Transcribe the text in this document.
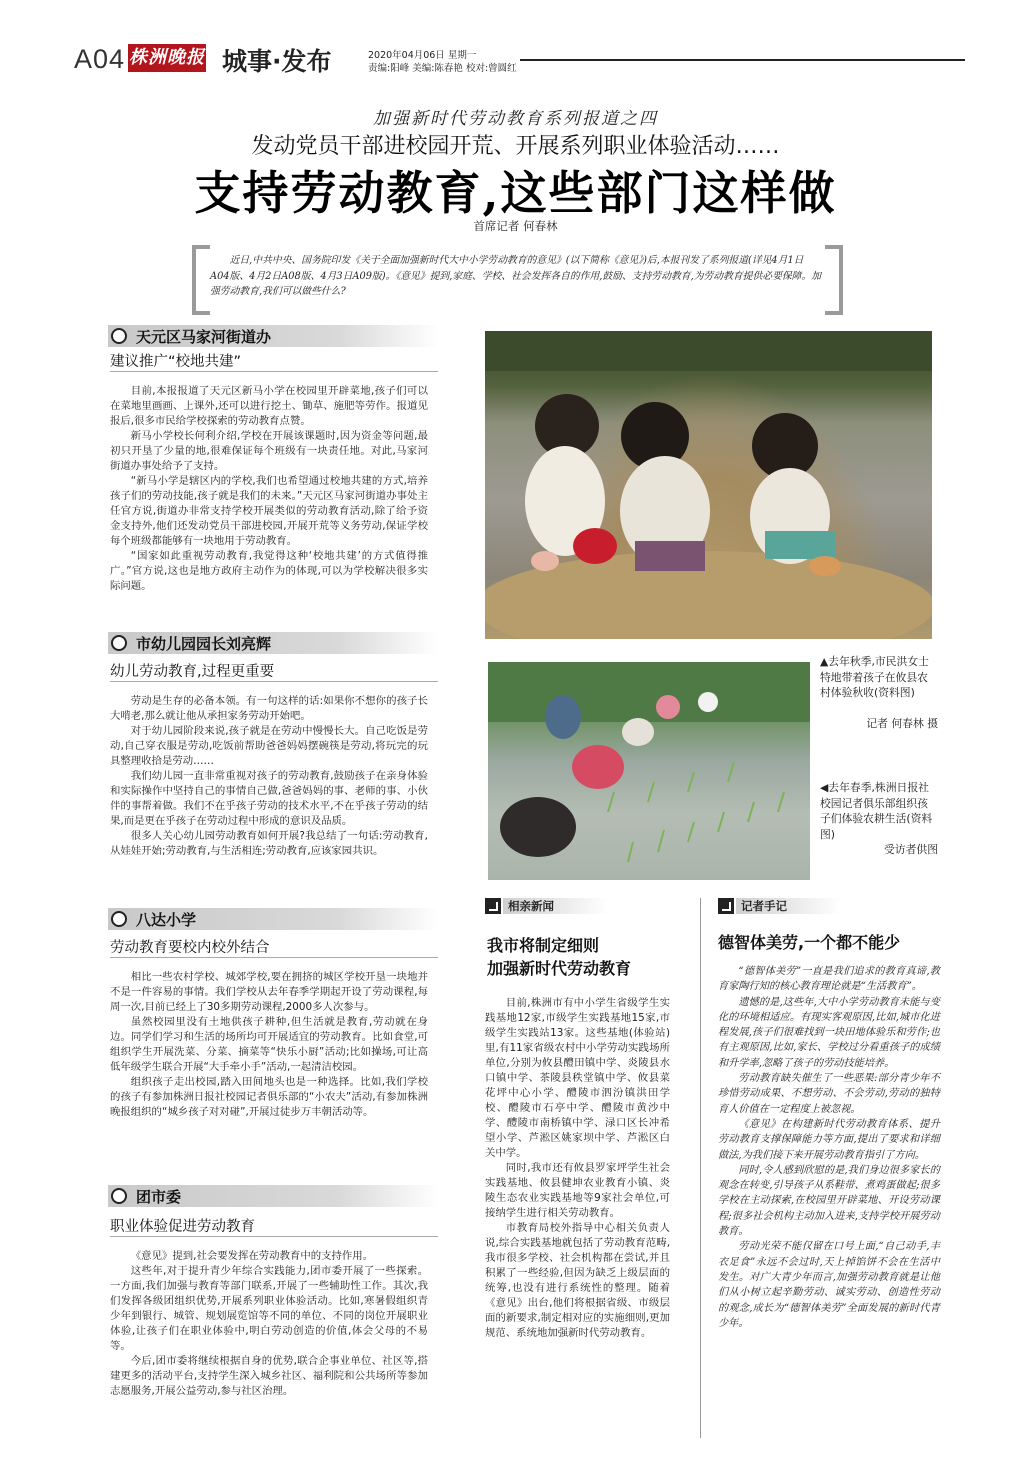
A04 株洲晚报 城事·发布	2020年04月06日 星期一
责编:阳峰 美编:陈春艳 校对:曾圆红
加强新时代劳动教育系列报道之四
发动党员干部进校园开荒、开展系列职业体验活动……
支持劳动教育,这些部门这样做
首席记者 何春林
近日,中共中央、国务院印发《关于全面加强新时代大中小学劳动教育的意见》(以下简称《意见》)后,本报刊发了系列报道(详见4月1日A04版、4月2日A08版、4月3日A09版)。《意见》提到,家庭、学校、社会发挥各自的作用,鼓励、支持劳动教育,为劳动教育提供必要保障。加强劳动教育,我们可以做些什么?
天元区马家河街道办
建议推广“校地共建”

目前,本报报道了天元区新马小学在校园里开辟菜地,孩子们可以在菜地里画画、上课外,还可以进行挖土、锄草、施肥等劳作。报道见报后,很多市民给学校探索的劳动教育点赞。

新马小学校长何利介绍,学校在开展该课题时,因为资金等问题,最初只开垦了少量的地,很难保证每个班级有一块责任地。对此,马家河街道办事处给予了支持。

“新马小学是辖区内的学校,我们也希望通过校地共建的方式,培养孩子们的劳动技能,孩子就是我们的未来。”天元区马家河街道办事处主任官方说,街道办非常支持学校开展类似的劳动教育活动,除了给予资金支持外,他们还发动党员干部进校园,开展开荒等义务劳动,保证学校每个班级都能够有一块地用于劳动教育。

“国家如此重视劳动教育,我觉得这种‘校地共建’的方式值得推广。”官方说,这也是地方政府主动作为的体现,可以为学校解决很多实际问题。

市幼儿园园长刘亮辉
幼儿劳动教育,过程更重要

劳动是生存的必备本领。有一句这样的话:如果你不想你的孩子长大啃老,那么就让他从承担家务劳动开始吧。

对于幼儿园阶段来说,孩子就是在劳动中慢慢长大。自己吃饭是劳动,自己穿衣服是劳动,吃饭前帮助爸爸妈妈摆碗筷是劳动,将玩完的玩具整理收拾是劳动……

我们幼儿园一直非常重视对孩子的劳动教育,鼓励孩子在亲身体验和实际操作中坚持自己的事情自己做,爸爸妈妈的事、老师的事、小伙伴的事帮着做。我们不在乎孩子劳动的技术水平,不在乎孩子劳动的结果,而是更在乎孩子在劳动过程中形成的意识及品质。

很多人关心幼儿园劳动教育如何开展?我总结了一句话:劳动教育,从娃娃开始;劳动教育,与生活相连;劳动教育,应该家园共识。

八达小学
劳动教育要校内校外结合

相比一些农村学校、城郊学校,要在拥挤的城区学校开垦一块地并不是一件容易的事情。我们学校从去年春季学期起开设了劳动课程,每周一次,目前已经上了30多期劳动课程,2000多人次参与。

虽然校园里没有土地供孩子耕种,但生活就是教育,劳动就在身边。同学们学习和生活的场所均可开展适宜的劳动教育。比如食堂,可组织学生开展洗菜、分菜、摘菜等“快乐小厨”活动;比如操场,可让高低年级学生联合开展“大手牵小手”活动,一起清洁校园。

组织孩子走出校园,踏入田间地头也是一种选择。比如,我们学校的孩子有参加株洲日报社校园记者俱乐部的“小农夫”活动,有参加株洲晚报组织的“城乡孩子对对碰”,开展过徒步万丰朝活动等。

团市委
职业体验促进劳动教育

《意见》提到,社会要发挥在劳动教育中的支持作用。

这些年,对于提升青少年综合实践能力,团市委开展了一些探索。一方面,我们加强与教育等部门联系,开展了一些辅助性工作。其次,我们发挥各级团组织优势,开展系列职业体验活动。比如,寒暑假组织青少年到银行、城管、规划展览馆等不同的单位、不同的岗位开展职业体验,让孩子们在职业体验中,明白劳动创造的价值,体会父母的不易等。

今后,团市委将继续根据自身的优势,联合企事业单位、社区等,搭建更多的活动平台,支持学生深入城乡社区、福利院和公共场所等参加志愿服务,开展公益劳动,参与社区治理。

▲去年秋季,市民洪女士特地带着孩子在攸县农村体验秋收(资料图)
记者 何春林 摄
◀去年春季,株洲日报社校园记者俱乐部组织孩子们体验农耕生活(资料图)
受访者供图
相亲新闻
我市将制定细则
加强新时代劳动教育

目前,株洲市有中小学生省级学生实践基地12家,市级学生实践基地15家,市级学生实践站13家。这些基地(体验站)里,有11家省级农村中小学劳动实践场所单位,分别为攸县醴田镇中学、炎陵县水口镇中学、茶陵县秩堂镇中学、攸县菜花坪中心小学、醴陵市泗汾镇洪田学校、醴陵市石亭中学、醴陵市黄沙中学、醴陵市南桥镇中学、渌口区长冲希望小学、芦淞区姚家坝中学、芦淞区白关中学。

同时,我市还有攸县罗家坪学生社会实践基地、攸县健坤农业教育小镇、炎陵生态农业实践基地等9家社会单位,可接纳学生进行相关劳动教育。

市教育局校外指导中心相关负责人说,综合实践基地就包括了劳动教育范畴,我市很多学校、社会机构都在尝试,并且积累了一些经验,但因为缺乏上级层面的统筹,也没有进行系统性的整理。随着《意见》出台,他们将根据省级、市级层面的新要求,制定相对应的实施细则,更加规范、系统地加强新时代劳动教育。

记者手记
德智体美劳,一个都不能少

“德智体美劳”一直是我们追求的教育真谛,教育家陶行知的核心教育理论就是“生活教育”。

遗憾的是,这些年,大中小学劳动教育未能与变化的环境相适应。有现实客观原因,比如,城市化进程发展,孩子们很难找到一块田地体验乐和劳作;也有主观原因,比如,家长、学校过分看重孩子的成绩和升学率,忽略了孩子的劳动技能培养。

劳动教育缺失催生了一些恶果:部分青少年不珍惜劳动成果、不想劳动、不会劳动,劳动的独特育人价值在一定程度上被忽视。

《意见》在构建新时代劳动教育体系、提升劳动教育支撑保障能力等方面,提出了要求和详细做法,为我们接下来开展劳动教育指引了方向。

同时,令人感到欣慰的是,我们身边很多家长的观念在转变,引导孩子从系鞋带、煮鸡蛋做起;很多学校在主动探索,在校园里开辟菜地、开设劳动课程;很多社会机构主动加入进来,支持学校开展劳动教育。

劳动光荣不能仅留在口号上面,“自己动手,丰衣足食”永远不会过时,天上掉馅饼不会在生活中发生。对广大青少年而言,加强劳动教育就是让他们从小树立起辛勤劳动、诚实劳动、创造性劳动的观念,成长为“德智体美劳”全面发展的新时代青少年。
